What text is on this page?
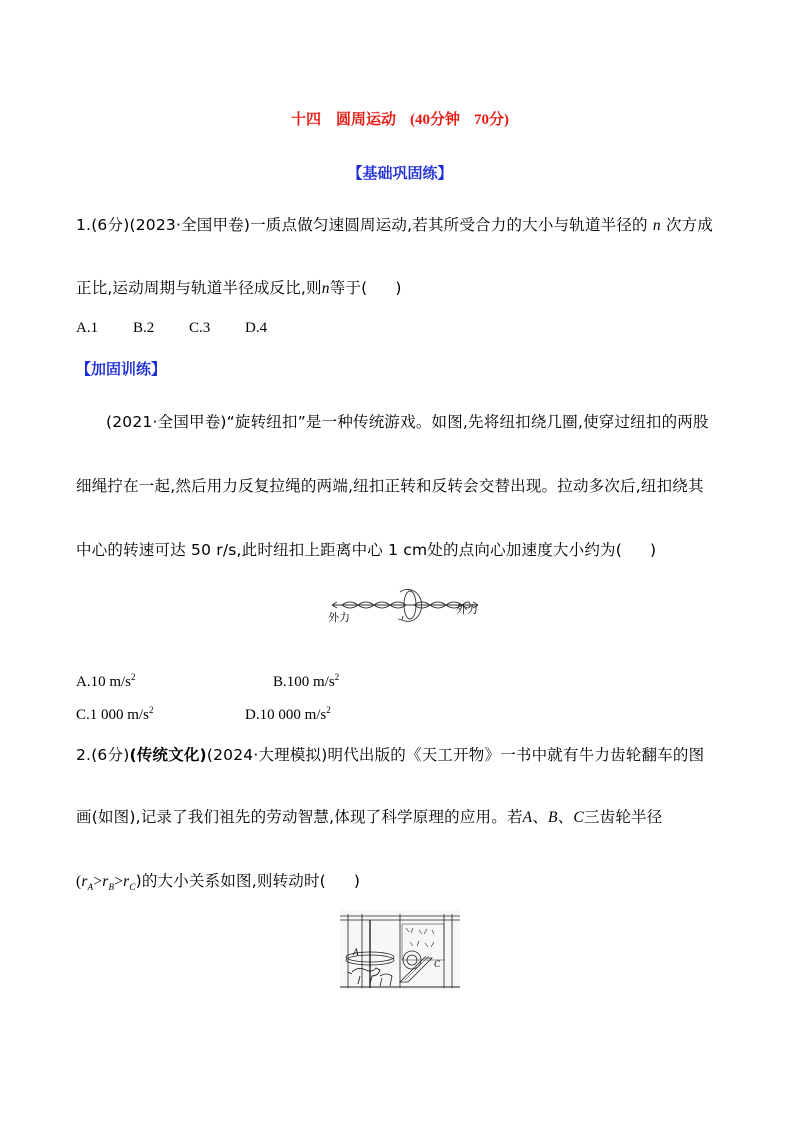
十四　圆周运动 (40分钟 70分)
【基础巩固练】
1.(6分)(2023·全国甲卷)一质点做匀速圆周运动,若其所受合力的大小与轨道半径的 n 次方成
正比,运动周期与轨道半径成反比,则n等于( )
A.1 B.2 C.3 D.4
【加固训练】
(2021·全国甲卷)“旋转纽扣”是一种传统游戏。如图,先将纽扣绕几圈,使穿过纽扣的两股
细绳拧在一起,然后用力反复拉绳的两端,纽扣正转和反转会交替出现。拉动多次后,纽扣绕其
中心的转速可达 50 r/s,此时纽扣上距离中心 1 cm处的点向心加速度大小约为( )
外力
外力
A.10 $m/s^2$	B.100 $m/s^2$
C.1 000 $m/s^2$	D.10 000 $m/s^2$
2.(6分)(传统文化)(2024·大理模拟)明代出版的《天工开物》一书中就有牛力齿轮翻车的图
画(如图),记录了我们祖先的劳动智慧,体现了科学原理的应用。若A、B、C三齿轮半径
$(r_A>r_B>r_C)$的大小关系如图,则转动时( )
A
C
